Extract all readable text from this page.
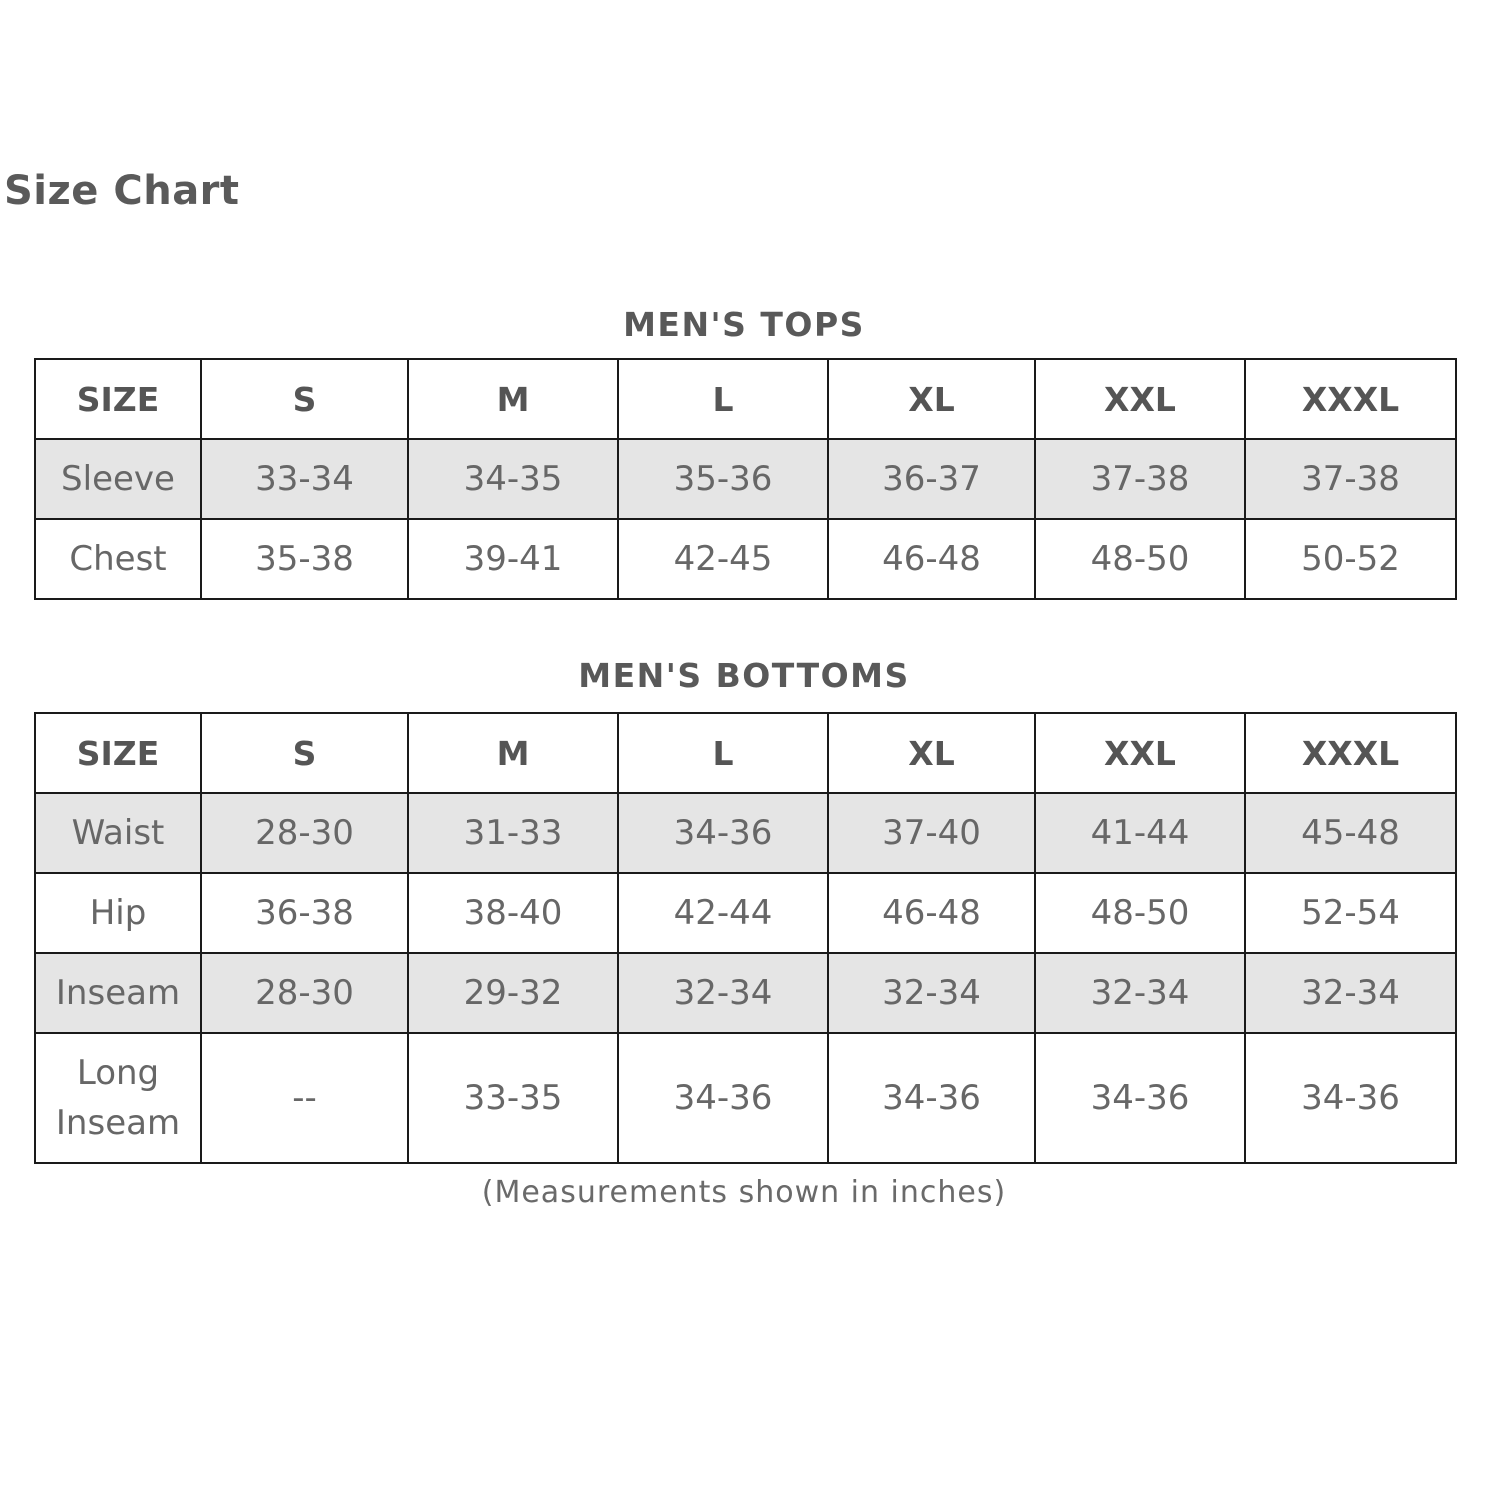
Size Chart
MEN'S TOPS
SIZE	S	M	L	XL	XXL	XXXL
Sleeve	33-34	34-35	35-36	36-37	37-38	37-38
Chest	35-38	39-41	42-45	46-48	48-50	50-52
MEN'S BOTTOMS
SIZE	S	M	L	XL	XXL	XXXL
Waist	28-30	31-33	34-36	37-40	41-44	45-48
Hip	36-38	38-40	42-44	46-48	48-50	52-54
Inseam	28-30	29-32	32-34	32-34	32-34	32-34
Long Inseam	--	33-35	34-36	34-36	34-36	34-36

(Measurements shown in inches)
